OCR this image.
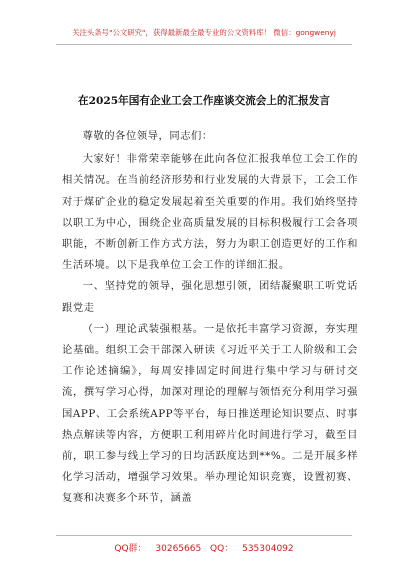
关注头条号"公文研究"，获得最新最全最专业的公文资料库！ 微信：gongwenyj
在2025年国有企业工会工作座谈交流会上的汇报发言

尊敬的各位领导，同志们：

大家好！非常荣幸能够在此向各位汇报我单位工会工作的相关情况。在当前经济形势和行业发展的大背景下，工会工作对于煤矿企业的稳定发展起着至关重要的作用。我们始终坚持以职工为中心，围绕企业高质量发展的目标积极履行工会各项职能，不断创新工作方式方法，努力为职工创造更好的工作和生活环境。以下是我单位工会工作的详细汇报。

一、坚持党的领导，强化思想引领，团结凝聚职工听党话跟党走

（一）理论武装强根基。一是依托丰富学习资源，夯实理论基础。组织工会干部深入研读《习近平关于工人阶级和工会工作论述摘编》，每周安排固定时间进行集中学习与研讨交流，撰写学习心得，加深对理论的理解与领悟充分利用学习强国APP、工会系统APP等平台，每日推送理论知识要点、时事热点解读等内容，方便职工利用碎片化时间进行学习，截至目前，职工参与线上学习的日均活跃度达到**%。二是开展多样化学习活动，增强学习效果。举办理论知识竞赛，设置初赛、复赛和决赛多个环节，涵盖

QQ群： 30265665 QQ： 535304092
